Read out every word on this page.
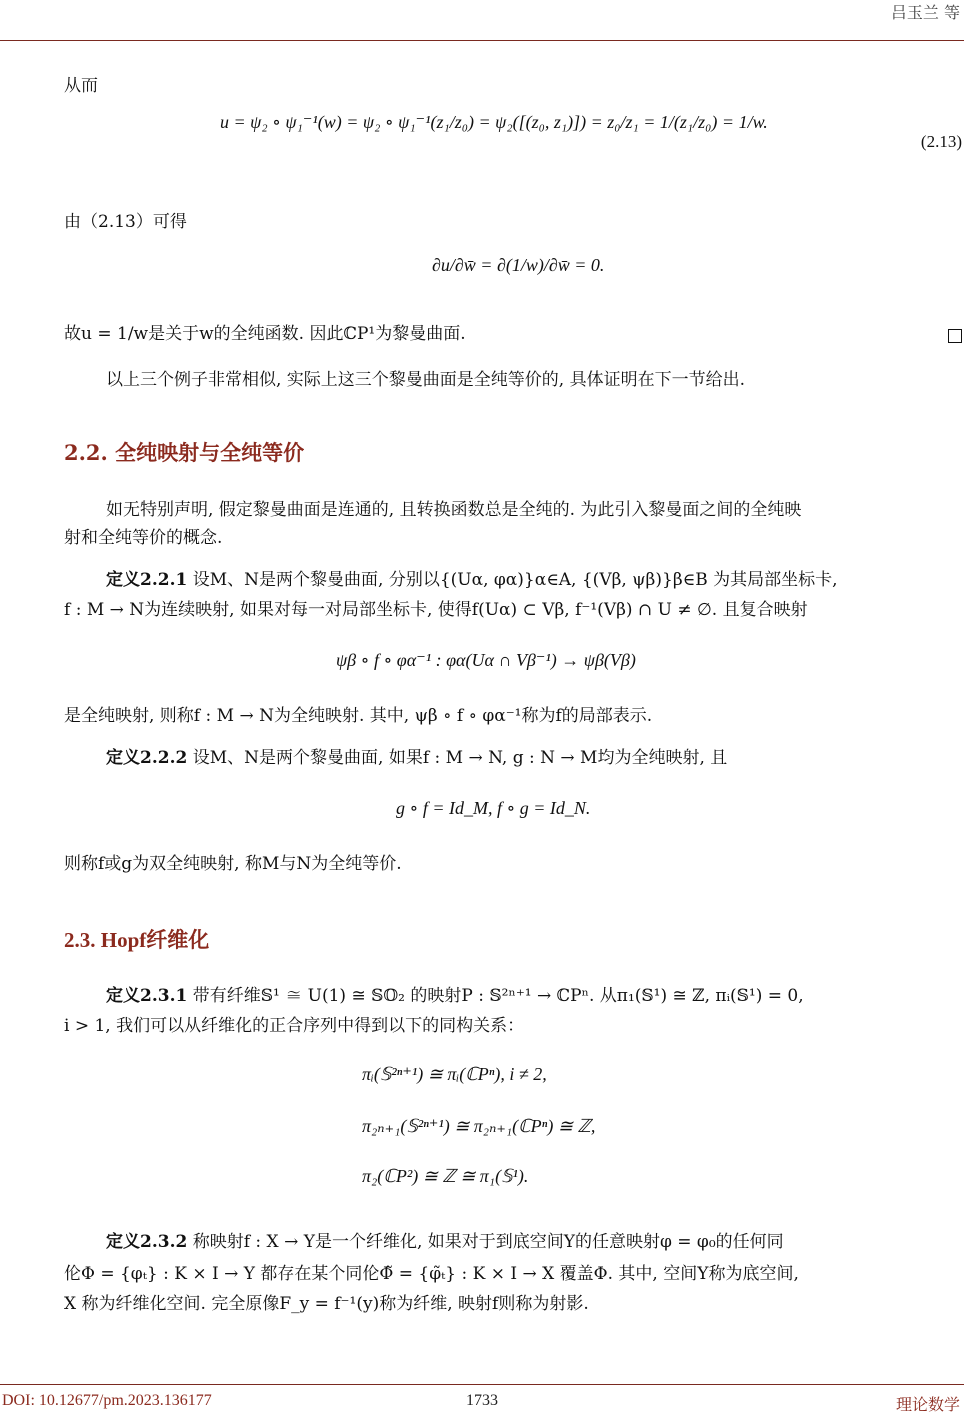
吕玉兰 等
从而
u = ψ₂ ∘ ψ₁⁻¹(w) = ψ₂ ∘ ψ₁⁻¹(z₁/z₀) = ψ₂([(z₀, z₁)]) = z₀/z₁ = 1/(z₁/z₀) = 1/w.
(2.13)
由（2.13）可得
∂u/∂w̄ = ∂(1/w)/∂w̄ = 0.
故u = 1/w是关于w的全纯函数. 因此ℂP¹为黎曼曲面.
以上三个例子非常相似, 实际上这三个黎曼曲面是全纯等价的, 具体证明在下一节给出.
2.2. 全纯映射与全纯等价
如无特别声明, 假定黎曼曲面是连通的, 且转换函数总是全纯的. 为此引入黎曼面之间的全纯映
射和全纯等价的概念.
定义2.2.1 设M、N是两个黎曼曲面, 分别以{(Uα, φα)}α∈A, {(Vβ, ψβ)}β∈B 为其局部坐标卡,
f : M → N为连续映射, 如果对每一对局部坐标卡, 使得f(Uα) ⊂ Vβ, f⁻¹(Vβ) ∩ U ≠ ∅. 且复合映射
ψβ ∘ f ∘ φα⁻¹ : φα(Uα ∩ Vβ⁻¹) → ψβ(Vβ)
是全纯映射, 则称f : M → N为全纯映射. 其中, ψβ ∘ f ∘ φα⁻¹称为f的局部表示.
定义2.2.2 设M、N是两个黎曼曲面, 如果f : M → N, g : N → M均为全纯映射, 且
g ∘ f = Id_M, f ∘ g = Id_N.
则称f或g为双全纯映射, 称M与N为全纯等价.
2.3. Hopf纤维化
定义2.3.1 带有纤维𝕊¹ ≅ U(1) ≅ 𝕊𝕆₂ 的映射P : 𝕊²ⁿ⁺¹ → ℂPⁿ. 从π₁(𝕊¹) ≅ ℤ, πᵢ(𝕊¹) = 0,
i > 1, 我们可以从纤维化的正合序列中得到以下的同构关系：
πᵢ(𝕊²ⁿ⁺¹) ≅ πᵢ(ℂPⁿ), i ≠ 2,
π₂ₙ₊₁(𝕊²ⁿ⁺¹) ≅ π₂ₙ₊₁(ℂPⁿ) ≅ ℤ,
π₂(ℂP²) ≅ ℤ ≅ π₁(𝕊¹).
定义2.3.2 称映射f : X → Y是一个纤维化, 如果对于到底空间Y的任意映射φ = φ₀的任何同
伦Φ = {φₜ} : K × I → Y 都存在某个同伦Φ̃ = {φ̃ₜ} : K × I → X 覆盖Φ. 其中, 空间Y称为底空间,
X 称为纤维化空间. 完全原像F_y = f⁻¹(y)称为纤维, 映射f则称为射影.
DOI: 10.12677/pm.2023.136177	1733	理论数学
